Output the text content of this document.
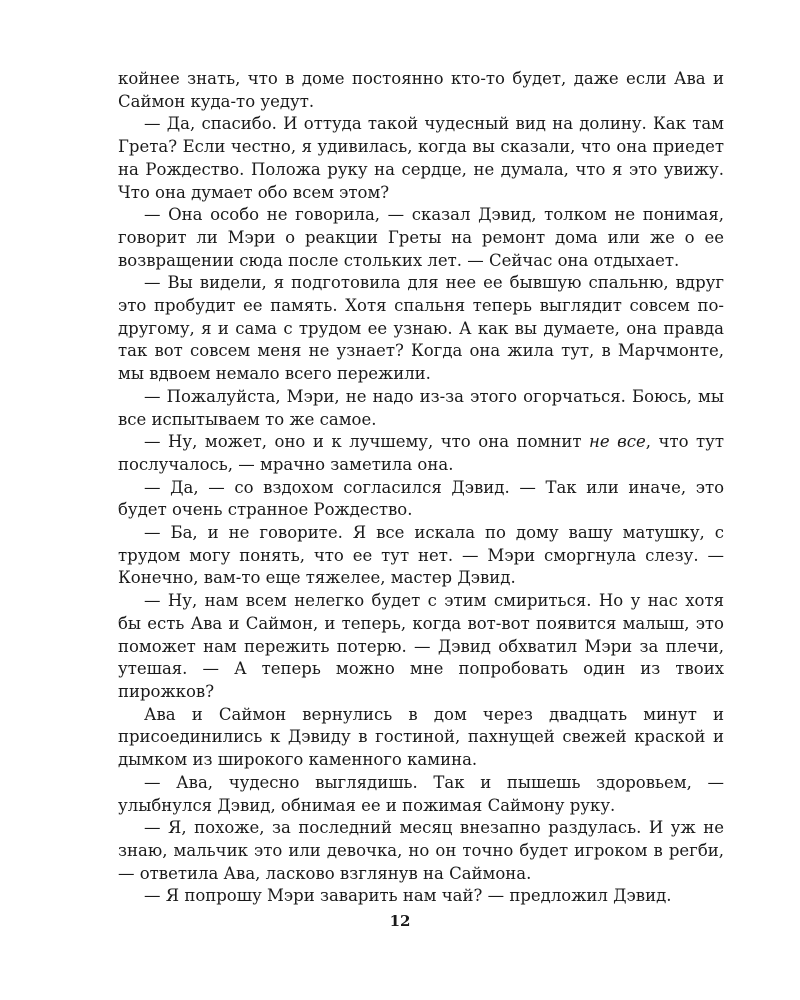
койнее знать, что в доме постоянно кто-то будет, даже если Ава и Саймон куда-то уедут.

— Да, спасибо. И оттуда такой чудесный вид на долину. Как там Грета? Если честно, я удивилась, когда вы сказали, что она приедет на Рождество. Положа руку на сердце, не думала, что я это увижу. Что она думает обо всем этом?

— Она особо не говорила, — сказал Дэвид, толком не понимая, говорит ли Мэри о реакции Греты на ремонт дома или же о ее возвращении сюда после стольких лет. — Сейчас она отдыхает.

— Вы видели, я подготовила для нее ее бывшую спальню, вдруг это пробудит ее память. Хотя спальня теперь выглядит совсем по-другому, я и сама с трудом ее узнаю. А как вы думаете, она правда так вот совсем меня не узнает? Когда она жила тут, в Марчмонте, мы вдвоем немало всего пережили.

— Пожалуйста, Мэри, не надо из-за этого огорчаться. Боюсь, мы все испытываем то же самое.

— Ну, может, оно и к лучшему, что она помнит не все, что тут послучалось, — мрачно заметила она.

— Да, — со вздохом согласился Дэвид. — Так или иначе, это будет очень странное Рождество.

— Ба, и не говорите. Я все искала по дому вашу матушку, с трудом могу понять, что ее тут нет. — Мэри сморгнула слезу. — Конечно, вам-то еще тяжелее, мастер Дэвид.

— Ну, нам всем нелегко будет с этим смириться. Но у нас хотя бы есть Ава и Саймон, и теперь, когда вот-вот появится малыш, это поможет нам пережить потерю. — Дэвид обхватил Мэри за плечи, утешая. — А теперь можно мне попробовать один из твоих пирожков?

Ава и Саймон вернулись в дом через двадцать минут и присоединились к Дэвиду в гостиной, пахнущей свежей краской и дымком из широкого каменного камина.

— Ава, чудесно выглядишь. Так и пышешь здоровьем, — улыбнулся Дэвид, обнимая ее и пожимая Саймону руку.

— Я, похоже, за последний месяц внезапно раздулась. И уж не знаю, мальчик это или девочка, но он точно будет игроком в регби, — ответила Ава, ласково взглянув на Саймона.

— Я попрошу Мэри заварить нам чай? — предложил Дэвид.

12
